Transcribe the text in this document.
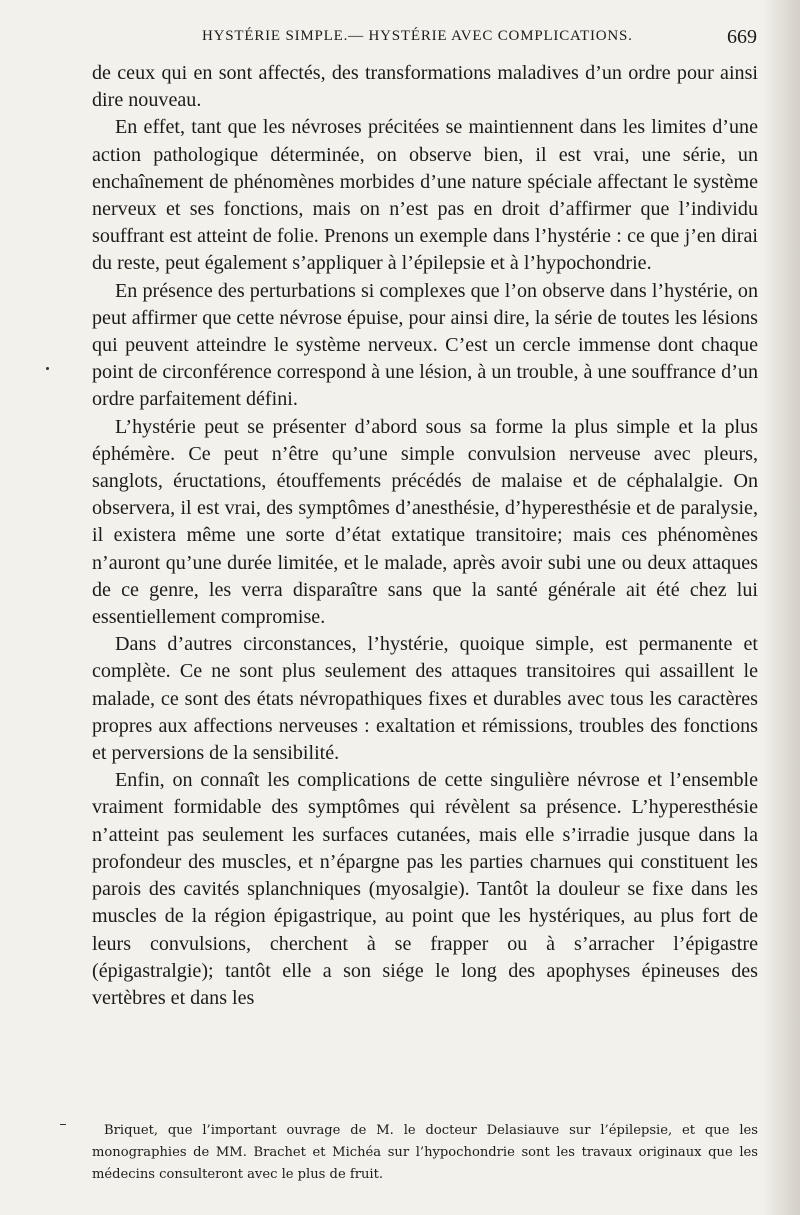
HYSTÉRIE SIMPLE.— HYSTÉRIE AVEC COMPLICATIONS.	669

de ceux qui en sont affectés, des transformations maladives d’un ordre pour ainsi dire nouveau.

En effet, tant que les névroses précitées se maintiennent dans les limites d’une action pathologique déterminée, on observe bien, il est vrai, une série, un enchaînement de phénomènes morbides d’une nature spéciale affectant le système nerveux et ses fonctions, mais on n’est pas en droit d’affirmer que l’individu souffrant est atteint de folie. Prenons un exemple dans l’hystérie : ce que j’en dirai du reste, peut également s’appliquer à l’épilepsie et à l’hypochondrie.

En présence des perturbations si complexes que l’on observe dans l’hystérie, on peut affirmer que cette névrose épuise, pour ainsi dire, la série de toutes les lésions qui peuvent atteindre le système nerveux. C’est un cercle immense dont chaque point de circonférence correspond à une lésion, à un trouble, à une souffrance d’un ordre parfaitement défini.

L’hystérie peut se présenter d’abord sous sa forme la plus simple et la plus éphémère. Ce peut n’être qu’une simple convulsion nerveuse avec pleurs, sanglots, éructations, étouffements précédés de malaise et de céphalalgie. On observera, il est vrai, des symptômes d’anesthésie, d’hyperesthésie et de paralysie, il existera même une sorte d’état extatique transitoire; mais ces phénomènes n’auront qu’une durée limitée, et le malade, après avoir subi une ou deux attaques de ce genre, les verra disparaître sans que la santé générale ait été chez lui essentiellement compromise.

Dans d’autres circonstances, l’hystérie, quoique simple, est permanente et complète. Ce ne sont plus seulement des attaques transitoires qui assaillent le malade, ce sont des états névropathiques fixes et durables avec tous les caractères propres aux affections nerveuses : exaltation et rémissions, troubles des fonctions et perversions de la sensibilité.

Enfin, on connaît les complications de cette singulière névrose et l’ensemble vraiment formidable des symptômes qui révèlent sa présence. L’hyperesthésie n’atteint pas seulement les surfaces cutanées, mais elle s’irradie jusque dans la profondeur des muscles, et n’épargne pas les parties charnues qui constituent les parois des cavités splanchniques (myosalgie). Tantôt la douleur se fixe dans les muscles de la région épigastrique, au point que les hystériques, au plus fort de leurs convulsions, cherchent à se frapper ou à s’arracher l’épigastre (épigastralgie); tantôt elle a son siége le long des apophyses épineuses des vertèbres et dans les

Briquet, que l’important ouvrage de M. le docteur Delasiauve sur l’épilepsie, et que les monographies de MM. Brachet et Michéa sur l’hypochondrie sont les travaux originaux que les médecins consulteront avec le plus de fruit.
